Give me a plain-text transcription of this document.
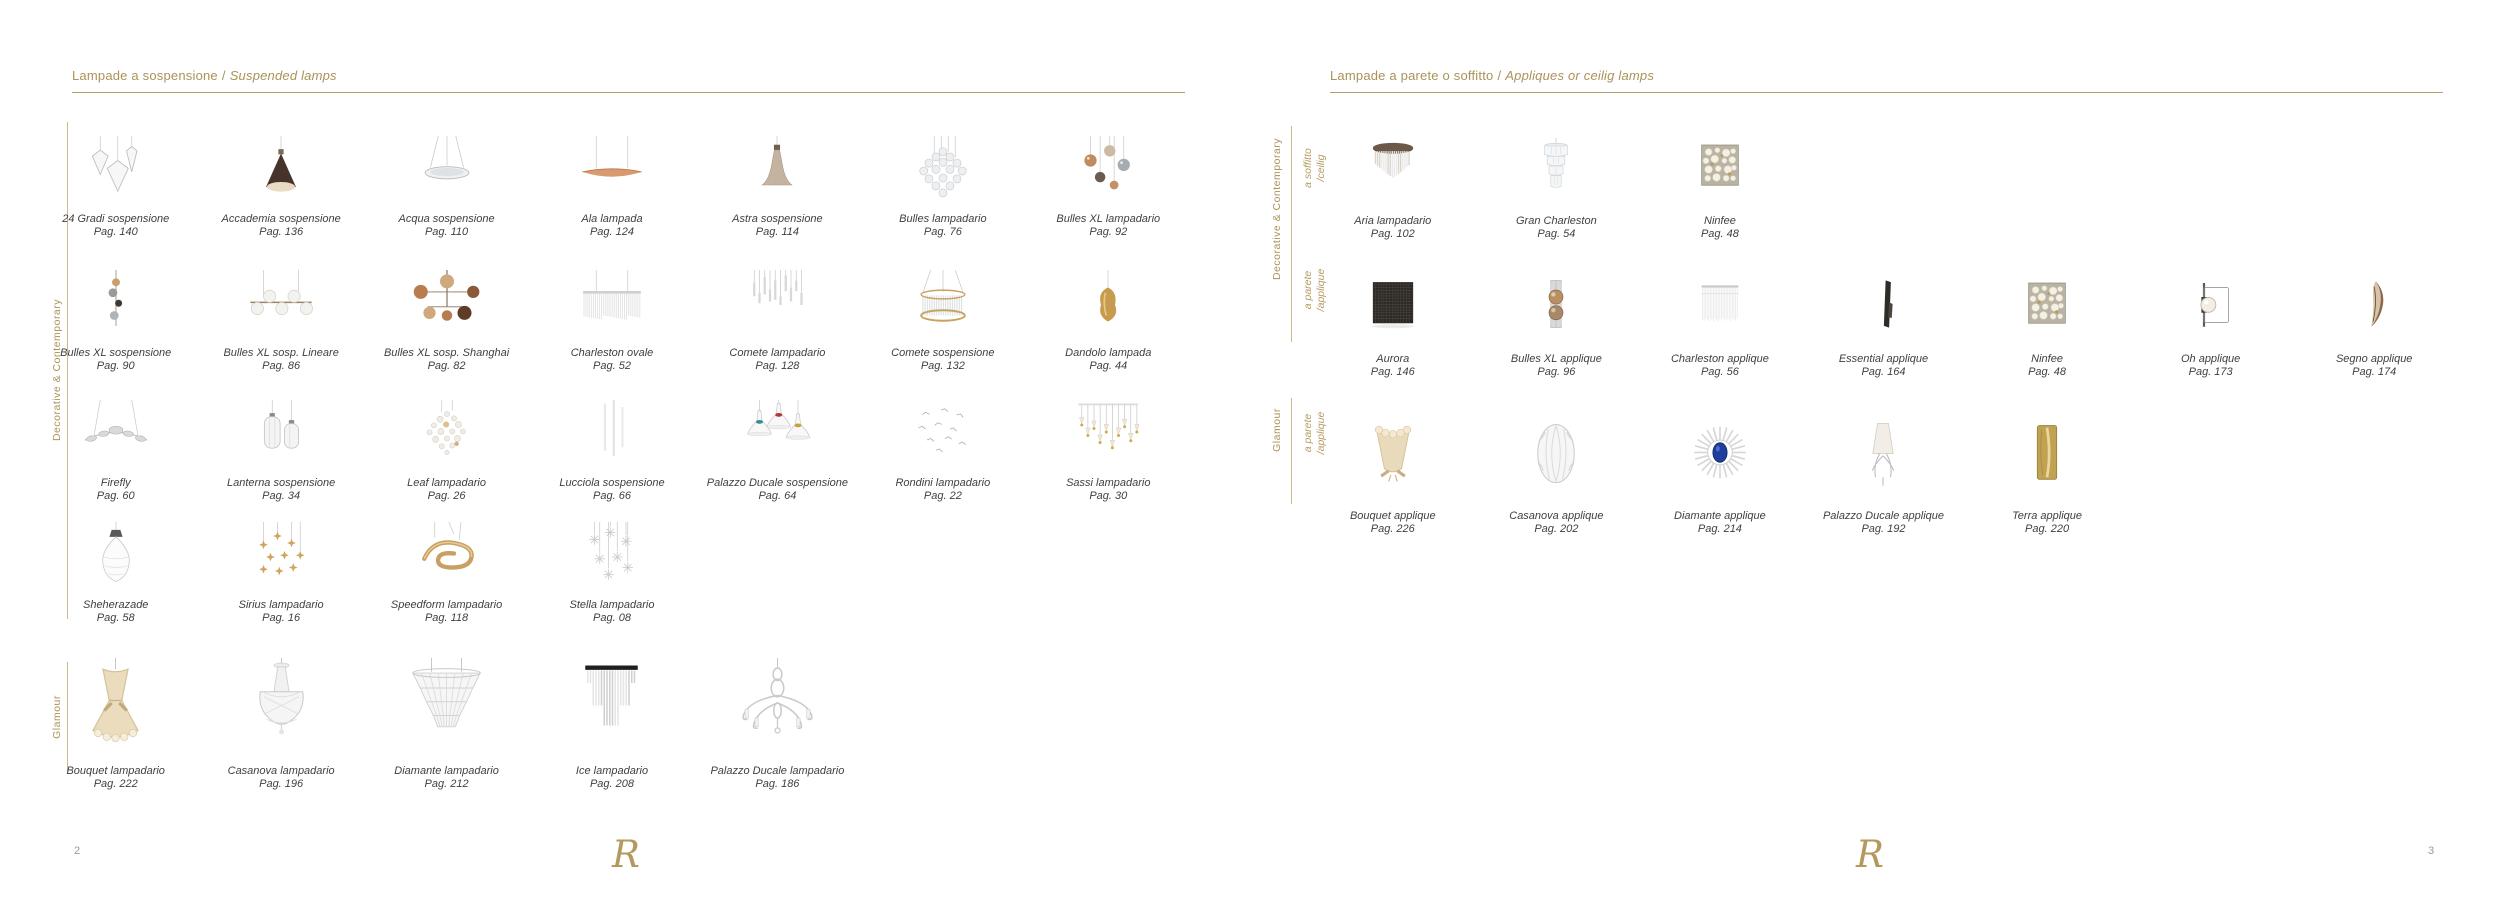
Lampade a sospensione / Suspended lamps
Decorative & Contemporary
Glamour
2	R
Lampade a parete o soffitto / Appliques or ceilig lamps
Decorative & Contemporary a soffitto /ceilig
a parete /applique
Glamour a parete /applique
3
R
24 Gradi sospensione
Pag. 140
Accademia sospensione
Pag. 136
Acqua sospensione
Pag. 110
Ala lampada
Pag. 124
Astra sospensione
Pag. 114
Bulles lampadario
Pag. 76
Bulles XL lampadario
Pag. 92
Bulles XL sospensione
Pag. 90
Bulles XL sosp. Lineare
Pag. 86
Bulles XL sosp. Shanghai
Pag. 82
Charleston ovale
Pag. 52
Comete lampadario
Pag. 128
Comete sospensione
Pag. 132
Dandolo lampada
Pag. 44
Firefly
Pag. 60
Lanterna sospensione
Pag. 34
Leaf lampadario
Pag. 26
Lucciola sospensione
Pag. 66
Palazzo Ducale sospensione
Pag. 64
Rondini lampadario
Pag. 22
Sassi lampadario
Pag. 30
Sheherazade
Pag. 58
Sirius lampadario
Pag. 16
Speedform lampadario
Pag. 118
Stella lampadario
Pag. 08
Bouquet lampadario
Pag. 222
Casanova lampadario
Pag. 196
Diamante lampadario
Pag. 212
Ice lampadario
Pag. 208
Palazzo Ducale lampadario
Pag. 186
Aria lampadario
Pag. 102
Gran Charleston
Pag. 54
Ninfee
Pag. 48
Aurora
Pag. 146
Bulles XL applique
Pag. 96
Charleston applique
Pag. 56
Essential applique
Pag. 164
Ninfee
Pag. 48
Oh applique
Pag. 173
Segno applique
Pag. 174
Bouquet applique
Pag. 226
Casanova applique
Pag. 202
Diamante applique
Pag. 214
Palazzo Ducale applique
Pag. 192
Terra applique
Pag. 220
